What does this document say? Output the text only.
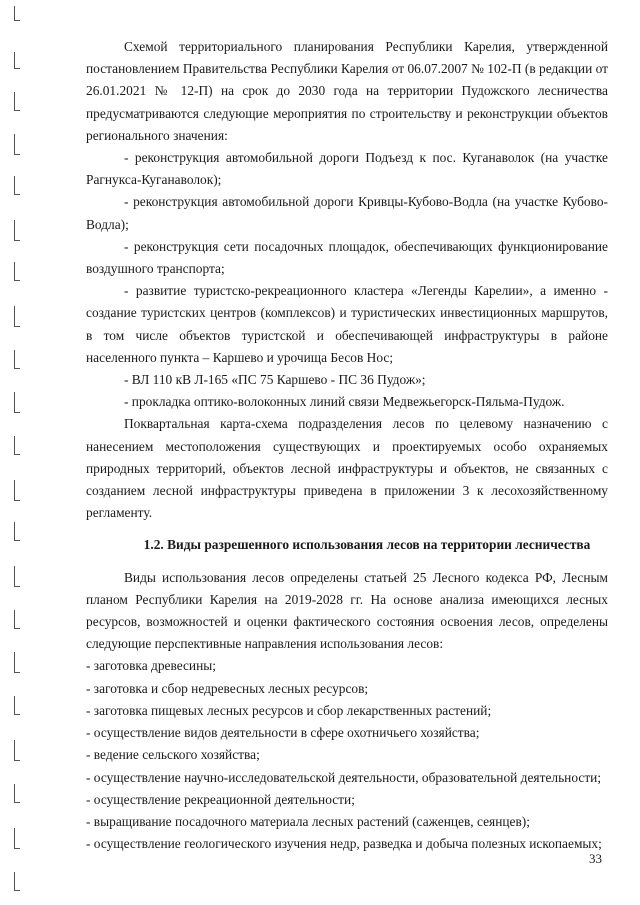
Схемой территориального планирования Республики Карелия, утвержденной постановлением Правительства Республики Карелия от 06.07.2007 № 102-П (в редакции от 26.01.2021 № 12-П) на срок до 2030 года на территории Пудожского лесничества предусматриваются следующие мероприятия по строительству и реконструкции объектов регионального значения:

- реконструкция автомобильной дороги Подъезд к пос. Куганаволок (на участке Рагнукса-Куганаволок);

- реконструкция автомобильной дороги Кривцы-Кубово-Водла (на участке Кубово-Водла);

- реконструкция сети посадочных площадок, обеспечивающих функционирование воздушного транспорта;

- развитие туристско-рекреационного кластера «Легенды Карелии», а именно - создание туристских центров (комплексов) и туристических инвестиционных маршрутов, в том числе объектов туристской и обеспечивающей инфраструктуры в районе населенного пункта – Каршево и урочища Бесов Нос;

- ВЛ 110 кВ Л-165 «ПС 75 Каршево - ПС 36 Пудож»;

- прокладка оптико-волоконных линий связи Медвежьегорск-Пяльма-Пудож.

Поквартальная карта-схема подразделения лесов по целевому назначению с нанесением местоположения существующих и проектируемых особо охраняемых природных территорий, объектов лесной инфраструктуры и объектов, не связанных с созданием лесной инфраструктуры приведена в приложении 3 к лесохозяйственному регламенту.

1.2. Виды разрешенного использования лесов на территории лесничества

Виды использования лесов определены статьей 25 Лесного кодекса РФ, Лесным планом Республики Карелия на 2019-2028 гг. На основе анализа имеющихся лесных ресурсов, возможностей и оценки фактического состояния освоения лесов, определены следующие перспективные направления использования лесов:

- заготовка древесины;
- заготовка и сбор недревесных лесных ресурсов;
- заготовка пищевых лесных ресурсов и сбор лекарственных растений;
- осуществление видов деятельности в сфере охотничьего хозяйства;
- ведение сельского хозяйства;
- осуществление научно-исследовательской деятельности, образовательной деятельности;
- осуществление рекреационной деятельности;
- выращивание посадочного материала лесных растений (саженцев, сеянцев);
- осуществление геологического изучения недр, разведка и добыча полезных ископаемых;
33
